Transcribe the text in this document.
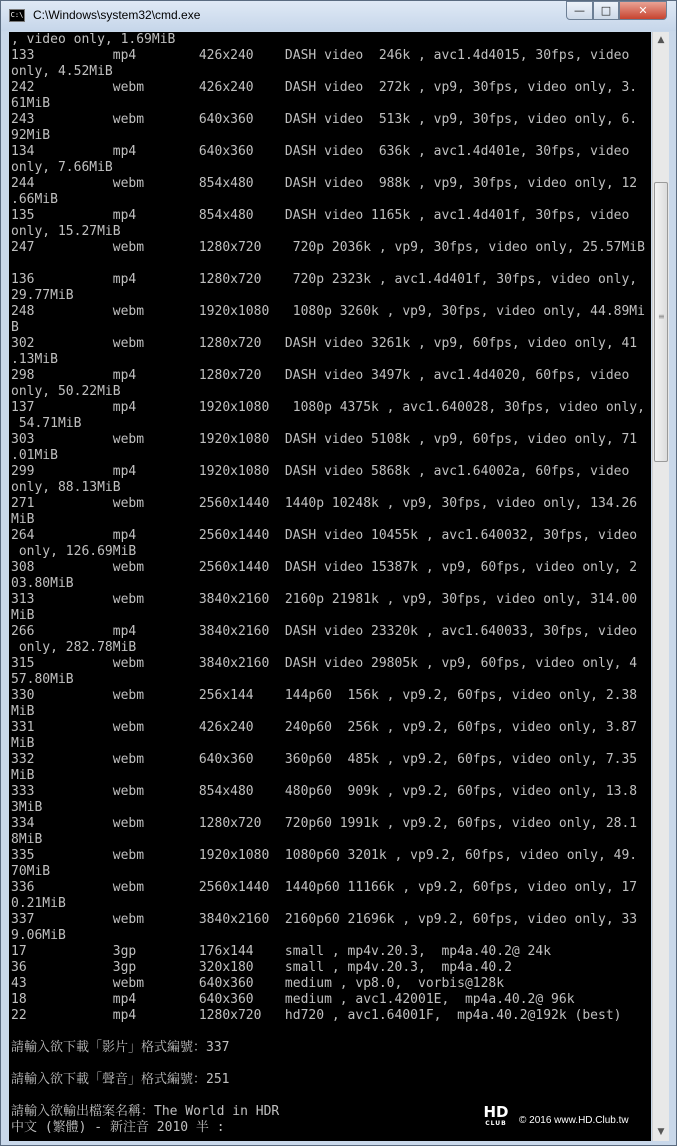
C:\ C:\Windows\system32\cmd.exe	—	□	✕
, video only, 1.69MiB
133          mp4        426x240    DASH video  246k , avc1.4d4015, 30fps, video
only, 4.52MiB
242          webm       426x240    DASH video  272k , vp9, 30fps, video only, 3.
61MiB
243          webm       640x360    DASH video  513k , vp9, 30fps, video only, 6.
92MiB
134          mp4        640x360    DASH video  636k , avc1.4d401e, 30fps, video
only, 7.66MiB
244          webm       854x480    DASH video  988k , vp9, 30fps, video only, 12
.66MiB
135          mp4        854x480    DASH video 1165k , avc1.4d401f, 30fps, video
only, 15.27MiB
247          webm       1280x720    720p 2036k , vp9, 30fps, video only, 25.57MiB

136          mp4        1280x720    720p 2323k , avc1.4d401f, 30fps, video only,
29.77MiB
248          webm       1920x1080   1080p 3260k , vp9, 30fps, video only, 44.89Mi
B
302          webm       1280x720   DASH video 3261k , vp9, 60fps, video only, 41
.13MiB
298          mp4        1280x720   DASH video 3497k , avc1.4d4020, 60fps, video
only, 50.22MiB
137          mp4        1920x1080   1080p 4375k , avc1.640028, 30fps, video only,
54.71MiB
303          webm       1920x1080  DASH video 5108k , vp9, 60fps, video only, 71
.01MiB
299          mp4        1920x1080  DASH video 5868k , avc1.64002a, 60fps, video
only, 88.13MiB
271          webm       2560x1440  1440p 10248k , vp9, 30fps, video only, 134.26
MiB
264          mp4        2560x1440  DASH video 10455k , avc1.640032, 30fps, video
only, 126.69MiB
308          webm       2560x1440  DASH video 15387k , vp9, 60fps, video only, 2
03.80MiB
313          webm       3840x2160  2160p 21981k , vp9, 30fps, video only, 314.00
MiB
266          mp4        3840x2160  DASH video 23320k , avc1.640033, 30fps, video
only, 282.78MiB
315          webm       3840x2160  DASH video 29805k , vp9, 60fps, video only, 4
57.80MiB
330          webm       256x144    144p60  156k , vp9.2, 60fps, video only, 2.38
MiB
331          webm       426x240    240p60  256k , vp9.2, 60fps, video only, 3.87
MiB
332          webm       640x360    360p60  485k , vp9.2, 60fps, video only, 7.35
MiB
333          webm       854x480    480p60  909k , vp9.2, 60fps, video only, 13.8
3MiB
334          webm       1280x720   720p60 1991k , vp9.2, 60fps, video only, 28.1
8MiB
335          webm       1920x1080  1080p60 3201k , vp9.2, 60fps, video only, 49.
70MiB
336          webm       2560x1440  1440p60 11166k , vp9.2, 60fps, video only, 17
0.21MiB
337          webm       3840x2160  2160p60 21696k , vp9.2, 60fps, video only, 33
9.06MiB
17           3gp        176x144    small , mp4v.20.3,  mp4a.40.2@ 24k
36           3gp        320x180    small , mp4v.20.3,  mp4a.40.2
43           webm       640x360    medium , vp8.0,  vorbis@128k
18           mp4        640x360    medium , avc1.42001E,  mp4a.40.2@ 96k
22           mp4        1280x720   hd720 , avc1.64001F,  mp4a.40.2@192k (best)
請輸入欲下載「影片」格式編號：337
請輸入欲下載「聲音」格式編號：251
請輸入欲輸出檔案名稱：The World in HDR
中文 (繁體) - 新注音 2010 半 :
▲
≡
▼
HD
CLUB	© 2016 www.HD.Club.tw
